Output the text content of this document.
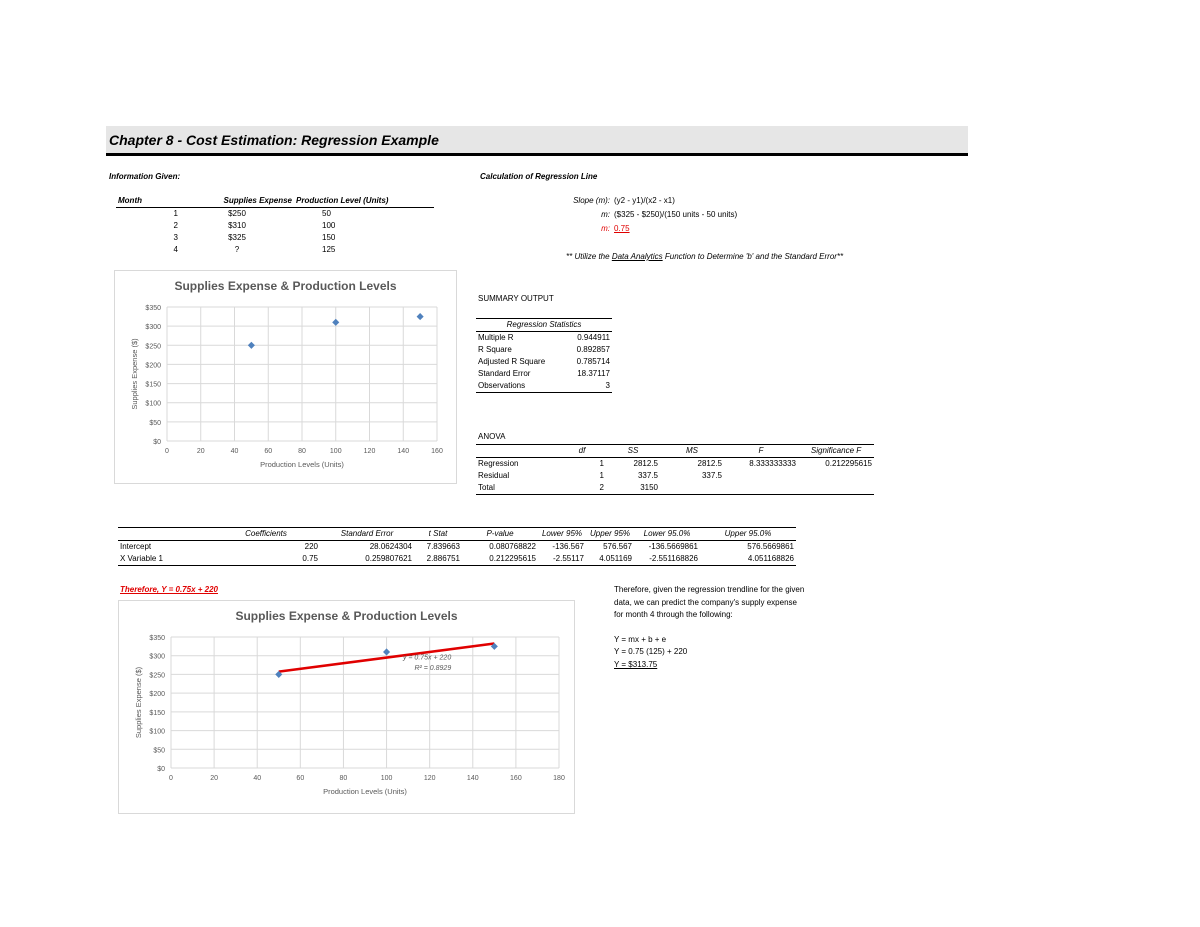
Chapter 8 - Cost Estimation: Regression Example
Information Given:
Month	Supplies Expense	Production Level (Units)
1	$250	50
2	$310	100
3	$325	150
4	?	125
Supplies Expense & Production Levels
$0
$50
$100
$150
$200
$250
$300
$350
0	20	40	60	80	100	120	140	160
Production Levels (Units)
Supplies Expense ($)
Calculation of Regression Line
Slope (m): (y2 - y1)/(x2 - x1)
m: ($325 - $250)/(150 units - 50 units)
m: 0.75
** Utilize the Data Analytics Function to Determine 'b' and the Standard Error**
SUMMARY OUTPUT
Regression Statistics	
Multiple R	0.944911
R Square	0.892857
Adjusted R Square	0.785714
Standard Error	18.37117
Observations	3
ANOVA
	df	SS	MS	F	Significance F
Regression	1	2812.5	2812.5	8.333333333	0.212295615
Residual	1	337.5	337.5		
Total	2	3150			
	Coefficients	Standard Error	t Stat	P-value	Lower 95%	Upper 95%	Lower 95.0%	Upper 95.0%
Intercept	220	28.0624304	7.839663	0.080768822	-136.567	576.567	-136.5669861	576.5669861
X Variable 1	0.75	0.259807621	2.886751	0.212295615	-2.55117	4.051169	-2.551168826	4.051168826
Therefore, Y = 0.75x + 220
Supplies Expense & Production Levels
$0
$50
$100
$150
$200
$250
$300
$350
0	20	40	60	80	100	120	140	160	180
Production Levels (Units)
Supplies Expense ($)
y = 0.75x + 220
R² = 0.8929
Therefore, given the regression trendline for the given
data, we can predict the company's supply expense
for month 4 through the following:
Y = mx + b + e
Y = 0.75 (125) + 220
Y = $313.75
